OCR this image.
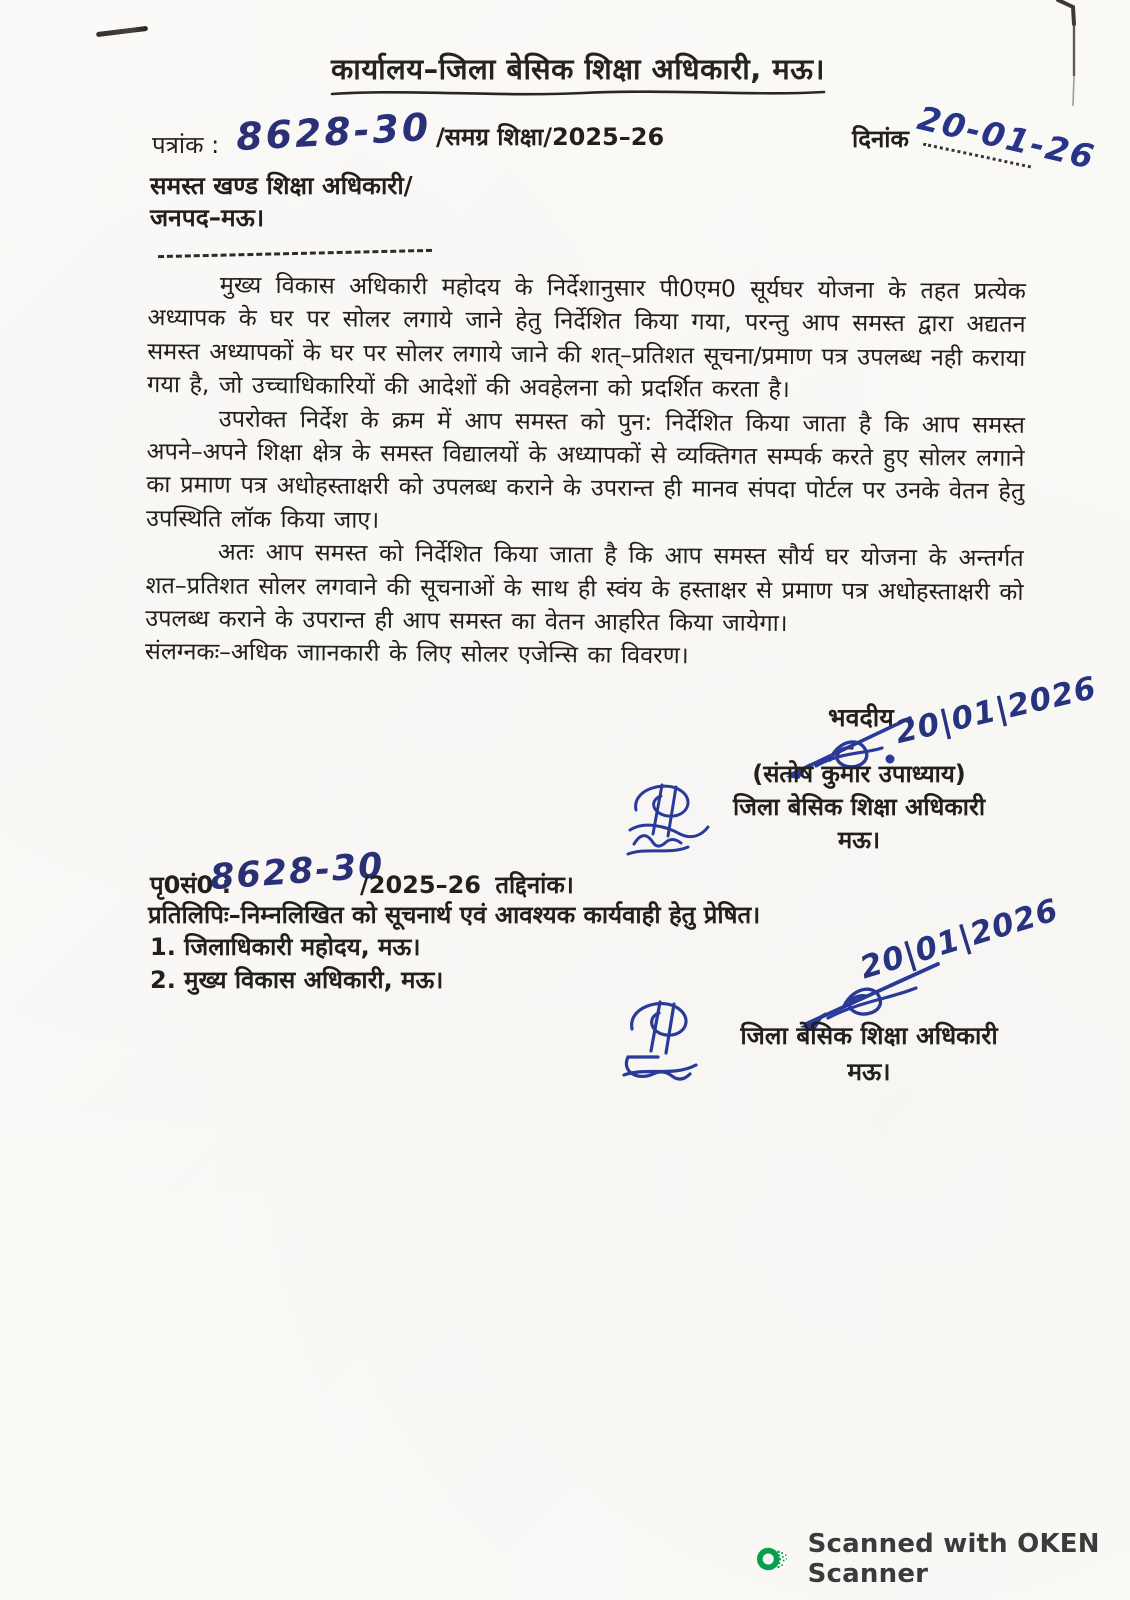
कार्यालय–जिला बेसिक शिक्षा अधिकारी, मऊ।
पत्रांक : 8628-30 /समग्र शिक्षा/2025–26	दिनांक 20-01-26
समस्त खण्ड शिक्षा अधिकारी/
जनपद–मऊ।

मुख्य विकास अधिकारी महोदय के निर्देशानुसार पी0एम0 सूर्यघर योजना के तहत प्रत्येक अध्यापक के घर पर सोलर लगाये जाने हेतु निर्देशित किया गया, परन्तु आप समस्त द्वारा अद्यतन समस्त अध्यापकों के घर पर सोलर लगाये जाने की शत्–प्रतिशत सूचना/प्रमाण पत्र उपलब्ध नही कराया गया है, जो उच्चाधिकारियों की आदेशों की अवहेलना को प्रदर्शित करता है।

उपरोक्त निर्देश के क्रम में आप समस्त को पुन: निर्देशित किया जाता है कि आप समस्त अपने–अपने शिक्षा क्षेत्र के समस्त विद्यालयों के अध्यापकों से व्यक्तिगत सम्पर्क करते हुए सोलर लगाने का प्रमाण पत्र अधोहस्ताक्षरी को उपलब्ध कराने के उपरान्त ही मानव संपदा पोर्टल पर उनके वेतन हेतु उपस्थिति लॉक किया जाए।

अतः आप समस्त को निर्देशित किया जाता है कि आप समस्त सौर्य घर योजना के अन्तर्गत शत–प्रतिशत सोलर लगवाने की सूचनाओं के साथ ही स्वंय के हस्ताक्षर से प्रमाण पत्र अधोहस्ताक्षरी को उपलब्ध कराने के उपरान्त ही आप समस्त का वेतन आहरित किया जायेगा।

संलग्नकः–अधिक जाानकारी के लिए सोलर एजेन्सि का विवरण।

भवदीय
20|01|2026
(संतोष कुमार उपाध्याय)
जिला बेसिक शिक्षा अधिकारी
मऊ।
पृ0सं0 :
8628-30
/2025–26 तद्दिनांक।
प्रतिलिपिः–निम्नलिखित को सूचनार्थ एवं आवश्यक कार्यवाही हेतु प्रेषित।
1. जिलाधिकारी महोदय, मऊ।
2. मुख्य विकास अधिकारी, मऊ।	20|01|2026
जिला बेसिक शिक्षा अधिकारी
मऊ।
Scanned with OKEN Scanner
